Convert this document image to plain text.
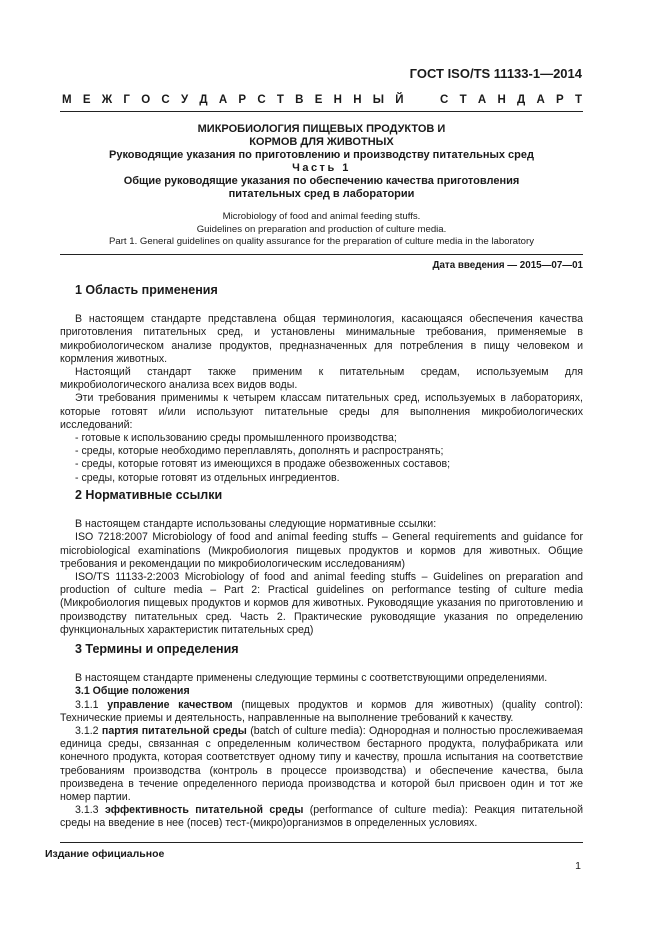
ГОСТ ISO/TS 11133-1—2014
М Е Ж Г О С У Д А Р С Т В Е Н Н Ы Й	С Т А Н Д А Р Т
МИКРОБИОЛОГИЯ ПИЩЕВЫХ ПРОДУКТОВ И
КОРМОВ ДЛЯ ЖИВОТНЫХ
Руководящие указания по приготовлению и производству питательных сред
Часть 1
Общие руководящие указания по обеспечению качества приготовления
питательных сред в лаборатории
Microbiology of food and animal feeding stuffs.
Guidelines on preparation and production of culture media.
Part 1. General guidelines on quality assurance for the preparation of culture media in the laboratory
Дата введения — 2015—07—01
1 Область применения

В настоящем стандарте представлена общая терминология, касающаяся обеспечения качества приготовления питательных сред, и установлены минимальные требования, применяемые в микробиологическом анализе продуктов, предназначенных для потребления в пищу человеком и кормления животных.

Настоящий стандарт также применим к питательным средам, используемым для микробиологического анализа всех видов воды.

Эти требования применимы к четырем классам питательных сред, используемых в лабораториях, которые готовят и/или используют питательные среды для выполнения микробиологических исследований:

- готовые к использованию среды промышленного производства;

- среды, которые необходимо переплавлять, дополнять и распространять;

- среды, которые готовят из имеющихся в продаже обезвоженных составов;

- среды, которые готовят из отдельных ингредиентов.

2 Нормативные ссылки

В настоящем стандарте использованы следующие нормативные ссылки:

ISO 7218:2007 Microbiology of food and animal feeding stuffs – General requirements and guidance for microbiological examinations (Микробиология пищевых продуктов и кормов для животных. Общие требования и рекомендации по микробиологическим исследованиям)

ISO/TS 11133-2:2003 Microbiology of food and animal feeding stuffs – Guidelines on preparation and production of culture media – Part 2: Practical guidelines on performance testing of culture media (Микробиология пищевых продуктов и кормов для животных. Руководящие указания по приготовлению и производству питательных сред. Часть 2. Практические руководящие указания по определению функциональных характеристик питательных сред)

3 Термины и определения

В настоящем стандарте применены следующие термины с соответствующими определениями.

3.1 Общие положения

3.1.1 управление качеством (пищевых продуктов и кормов для животных) (quality control): Технические приемы и деятельность, направленные на выполнение требований к качеству.

3.1.2 партия питательной среды (batch of culture media): Однородная и полностью прослеживаемая единица среды, связанная с определенным количеством бестарного продукта, полуфабриката или конечного продукта, которая соответствует одному типу и качеству, прошла испытания на соответствие требованиям производства (контроль в процессе производства) и обеспечение качества, была произведена в течение определенного периода производства и которой был присвоен один и тот же номер партии.

3.1.3 эффективность питательной среды (performance of culture media): Реакция питательной среды на введение в нее (посев) тест-(микро)организмов в определенных условиях.

Издание официальное
1
